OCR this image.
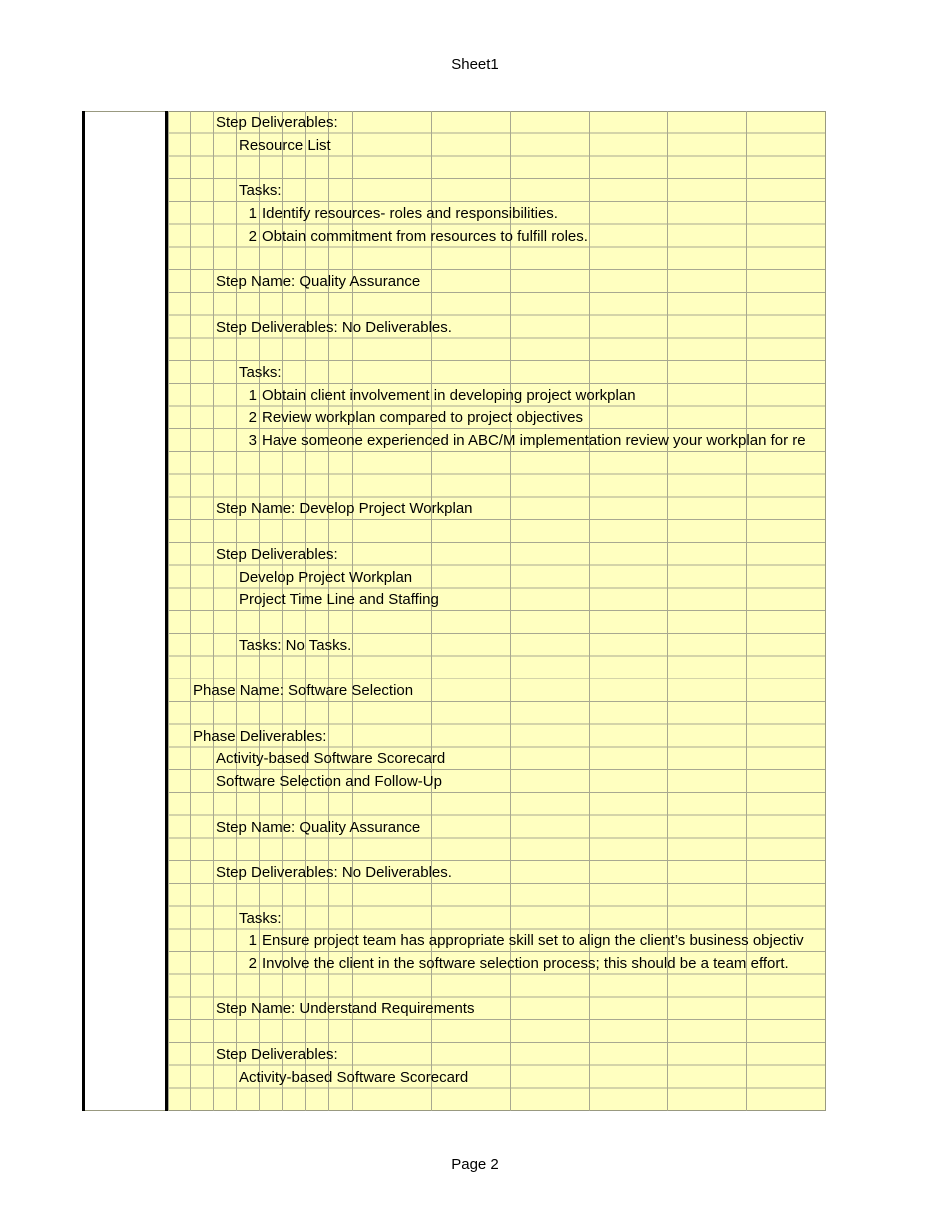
Sheet1
Step Deliverables:
Resource List
Tasks:
1 Identify resources- roles and responsibilities.
2 Obtain commitment from resources to fulfill roles.
Step Name: Quality Assurance
Step Deliverables: No Deliverables.
Tasks:
1 Obtain client involvement in developing project workplan
2 Review workplan compared to project objectives
3 Have someone experienced in ABC/M implementation review your workplan for re
Step Name: Develop Project Workplan
Step Deliverables:
Develop Project Workplan
Project Time Line and Staffing
Tasks: No Tasks.
Phase Name: Software Selection
Phase Deliverables:
Activity-based Software Scorecard
Software Selection and Follow-Up
Step Name: Quality Assurance
Step Deliverables: No Deliverables.
Tasks:
1 Ensure project team has appropriate skill set to align the client’s business objectiv
2 Involve the client in the software selection process; this should be a team effort.
Step Name: Understand Requirements
Step Deliverables:
Activity-based Software Scorecard
Page 2
